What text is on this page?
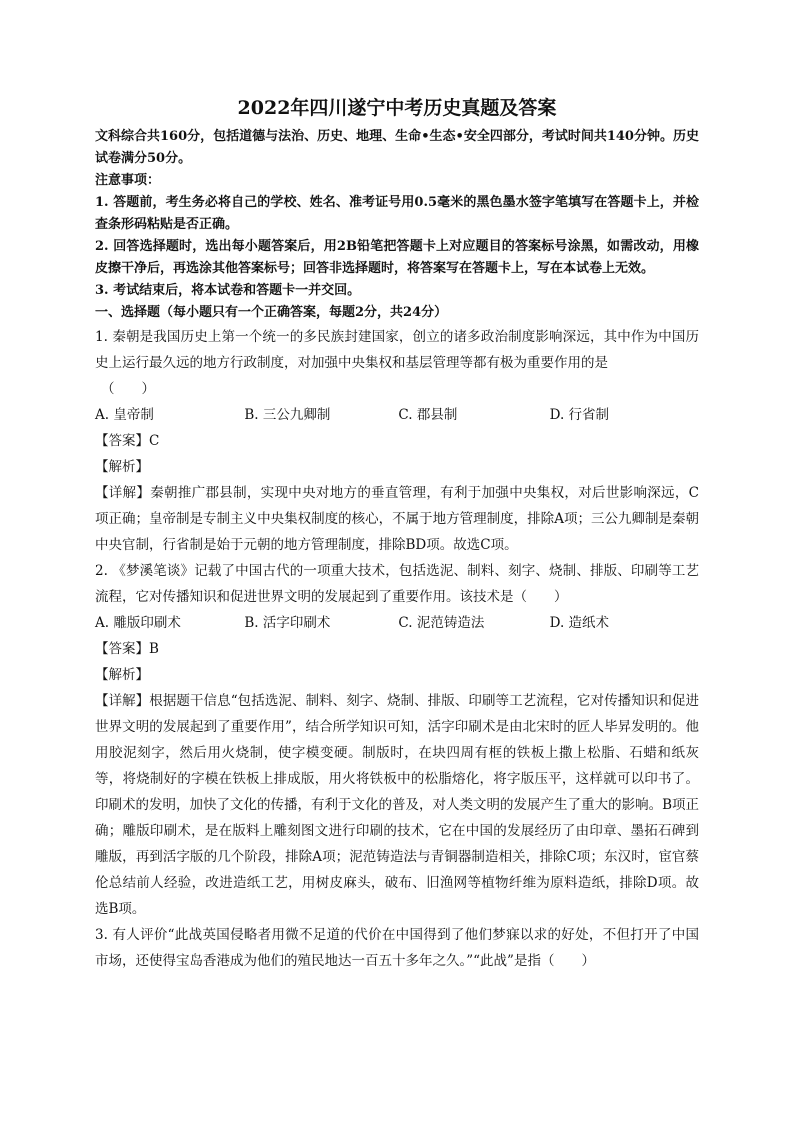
2022年四川遂宁中考历史真题及答案

文科综合共160分，包括道德与法治、历史、地理、生命•生态•安全四部分，考试时间共140分钟。历史试卷满分50分。

注意事项：

1. 答题前，考生务必将自己的学校、姓名、准考证号用0.5毫米的黑色墨水签字笔填写在答题卡上，并检查条形码粘贴是否正确。

2. 回答选择题时，选出每小题答案后，用2B铅笔把答题卡上对应题目的答案标号涂黑，如需改动，用橡皮擦干净后，再选涂其他答案标号；回答非选择题时，将答案写在答题卡上，写在本试卷上无效。

3. 考试结束后，将本试卷和答题卡一并交回。

一、选择题（每小题只有一个正确答案，每题2分，共24分）

1. 秦朝是我国历史上第一个统一的多民族封建国家，创立的诸多政治制度影响深远，其中作为中国历史上运行最久远的地方行政制度，对加强中央集权和基层管理等都有极为重要作用的是

（　　）

A. 皇帝制	B. 三公九卿制	C. 郡县制	D. 行省制

【答案】C

【解析】

【详解】秦朝推广郡县制，实现中央对地方的垂直管理，有利于加强中央集权，对后世影响深远，C项正确；皇帝制是专制主义中央集权制度的核心，不属于地方管理制度，排除A项；三公九卿制是秦朝中央官制，行省制是始于元朝的地方管理制度，排除BD项。故选C项。

2. 《梦溪笔谈》记载了中国古代的一项重大技术，包括选泥、制料、刻字、烧制、排版、印刷等工艺流程，它对传播知识和促进世界文明的发展起到了重要作用。该技术是（　　）

A. 雕版印刷术	B. 活字印刷术	C. 泥范铸造法	D. 造纸术

【答案】B

【解析】

【详解】根据题干信息“包括选泥、制料、刻字、烧制、排版、印刷等工艺流程，它对传播知识和促进世界文明的发展起到了重要作用”，结合所学知识可知，活字印刷术是由北宋时的匠人毕昇发明的。他用胶泥刻字，然后用火烧制，使字模变硬。制版时，在块四周有框的铁板上撒上松脂、石蜡和纸灰等，将烧制好的字模在铁板上排成版，用火将铁板中的松脂熔化，将字版压平，这样就可以印书了。印刷术的发明，加快了文化的传播，有利于文化的普及，对人类文明的发展产生了重大的影响。B项正确；雕版印刷术，是在版料上雕刻图文进行印刷的技术，它在中国的发展经历了由印章、墨拓石碑到雕版，再到活字版的几个阶段，排除A项；泥范铸造法与青铜器制造相关，排除C项；东汉时，宦官蔡伦总结前人经验，改进造纸工艺，用树皮麻头，破布、旧渔网等植物纤维为原料造纸，排除D项。故选B项。

3. 有人评价“此战英国侵略者用微不足道的代价在中国得到了他们梦寐以求的好处，不但打开了中国市场，还使得宝岛香港成为他们的殖民地达一百五十多年之久。”“此战”是指（　　）
